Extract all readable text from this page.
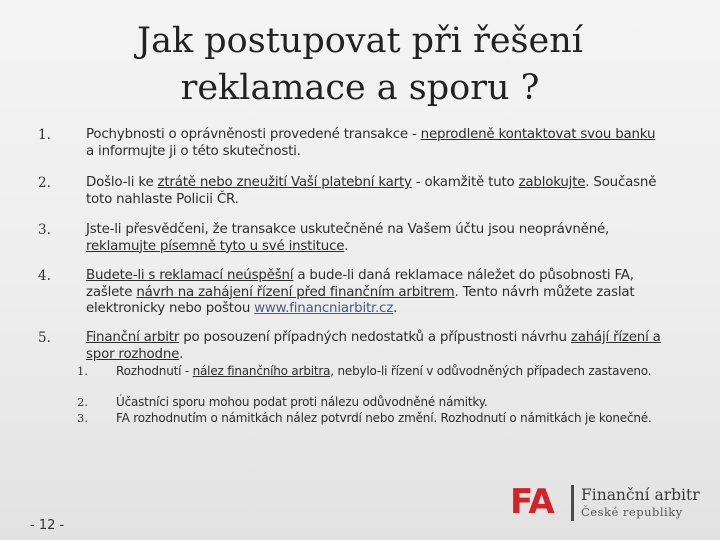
Jak postupovat při řešení
reklamace a sporu ?
1.	Pochybnosti o oprávněnosti provedené transakce - neprodleně kontaktovat svou banku a informujte ji o této skutečnosti.
2.	Došlo-li ke ztrátě nebo zneužití Vaší platební karty - okamžitě tuto zablokujte. Současně toto nahlaste Policii ČR.
3.	Jste-li přesvědčeni, že transakce uskutečněné na Vašem účtu jsou neoprávněné, reklamujte písemně tyto u své instituce.
4.	Budete-li s reklamací neúspěšní a bude-li daná reklamace náležet do působnosti FA, zašlete návrh na zahájení řízení před finančním arbitrem. Tento návrh můžete zaslat elektronicky nebo poštou www.financniarbitr.cz.
5.	Finanční arbitr po posouzení případných nedostatků a přípustnosti návrhu zahájí řízení a spor rozhodne.
1. Rozhodnutí - nález finančního arbitra, nebylo-li řízení v odůvodněných případech zastaveno.
2. Účastníci sporu mohou podat proti nálezu odůvodněné námitky.
3. FA rozhodnutím o námitkách nález potvrdí nebo změní. Rozhodnutí o námitkách je konečné.
- 12 -
FA Finanční arbitr
České republiky
